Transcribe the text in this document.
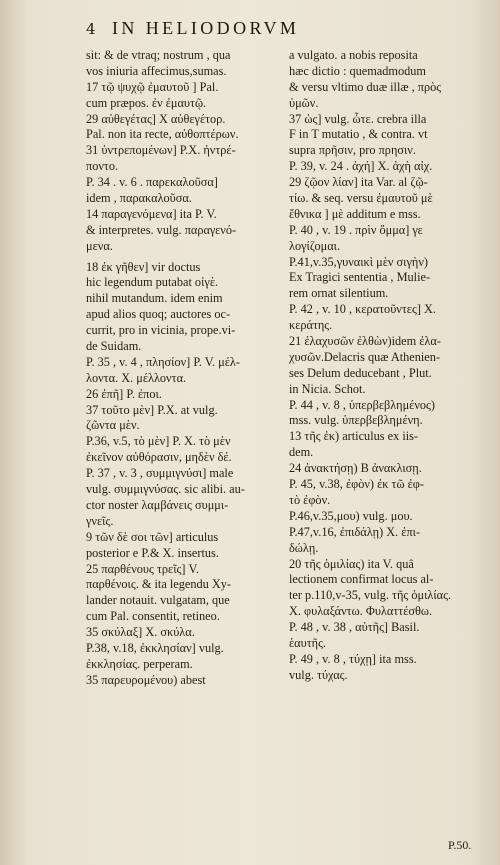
4 IN HELIODORVM
sit: & de vtraq; nostrum , qua
vos iniuria affecimus,sumas.
17 τῷ ψυχῷ ἐμαυτοῦ ] Pal.
cum præpos. ἐν ἐμαυτῷ.
29 αὐθεγέτας] X αὐθεγέτορ.
Pal. non ita recte, αὐθοπτέρων.
31 ὑντρεπομένων] P.X. ἠντρέ-
ποντο.
P. 34 . v. 6 . παρεκαλοῦσα]
idem , παρακαλοῦσα.
14 παραγενόμενα] ita P. V.
& interpretes. vulg. παραγενό-
μενα.
18 ἐκ γῆθεν] vir doctus
hic legendum putabat οἰγὲ.
nihil mutandum. idem enim
apud alios quoq; auctores oc-
currit, pro in vicinia, prope.vi-
de Suidam.
P. 35 , v. 4 , πλησίον] P. V. μέλ-
λοντα. X. μέλλοντα.
26 ἐπῆ] P. ἐποι.
37 τοῦτο μὲν] P.X. at vulg.
ζῶντα μὲν.
P.36, v.5, τὸ μὲν] P. X. τὸ μὲν
ἐκεῖνον αὐθόρασιν, μηδὲν δέ.
P. 37 , v. 3 , συμμιγνύσι] male
vulg. συμμιγνύσας. sic alibi. au-
ctor noster λαμβάνεις συμμι-
γνεῖς.
9 τῶν δὲ σοι τῶν] articulus
posterior e P.& X. insertus.
25 παρθένους τρεῖς] V.
παρθένοις. & ita legendu Xy-
lander notauit. vulgatam, que
cum Pal. consentit, retineo.
35 σκύλαξ] X. σκύλα.
P.38, v.18, ἐκκλησίαν] vulg.
ἐκκλησίας. perperam.
35 παρευρομένου) abest
a vulgato. a nobis reposita
hæc dictio : quemadmodum
& versu vltimo duæ illæ , πρὸς
ὑμῶν.
37 ὡς] vulg. ὧτε. crebra illa
F in T mutatio , & contra. vt
supra πρῆσιν, pro πρησιν.
P. 39, v. 24 . ἀχή] X. ἀχὴ αἰχ.
29 ζῷον λίαν] ita Var. al ζῷ-
τίω. & seq. versu ἐμαυτοῦ μὲ
ἔθνικα ] μὲ additum e mss.
P. 40 , v. 19 . πρὶν ὄμμα] γε
λογίζομαι.
P.41,v.35,γυναικὶ μὲν σιγὴν)
Ex Tragici sententia , Mulie-
rem ornat silentium.
P. 42 , v. 10 , κερατοῦντες] X.
κεράτης.
21 ἐλαχυσῶν ἐλθὼν)idem ἐλα-
χυσῶν.Delacris quæ Athenien-
ses Delum deducebant , Plut.
in Nicia. Schot.
P. 44 , v. 8 , ὑπερβεβλημένος)
mss. vulg. ὑπερβεβλημένη.
13 τῆς ἐκ) articulus ex iis-
dem.
24 ἀνακτήσῃ) B ἀνακλισῃ.
P. 45, v.38, ἐφὸν) ἐκ τῶ ἐφ-
τὸ ἐφὸν.
P.46,v.35,μου) vulg. μου.
P.47,v.16, ἐπιδάλῃ) X. ἐπι-
δώλῃ.
20 τῆς ὁμιλίας) ita V. quâ
lectionem confirmat locus al-
ter p.110,v-35, vulg. τῆς ὁμιλίας.
X. φυλαξάντω. Φυλαττέσθω.
P. 48 , v. 38 , αὐτῆς] Basil.
ἑαυτῆς.
P. 49 , v. 8 , τύχῃ] ita mss.
vulg. τύχας.
P.50.
